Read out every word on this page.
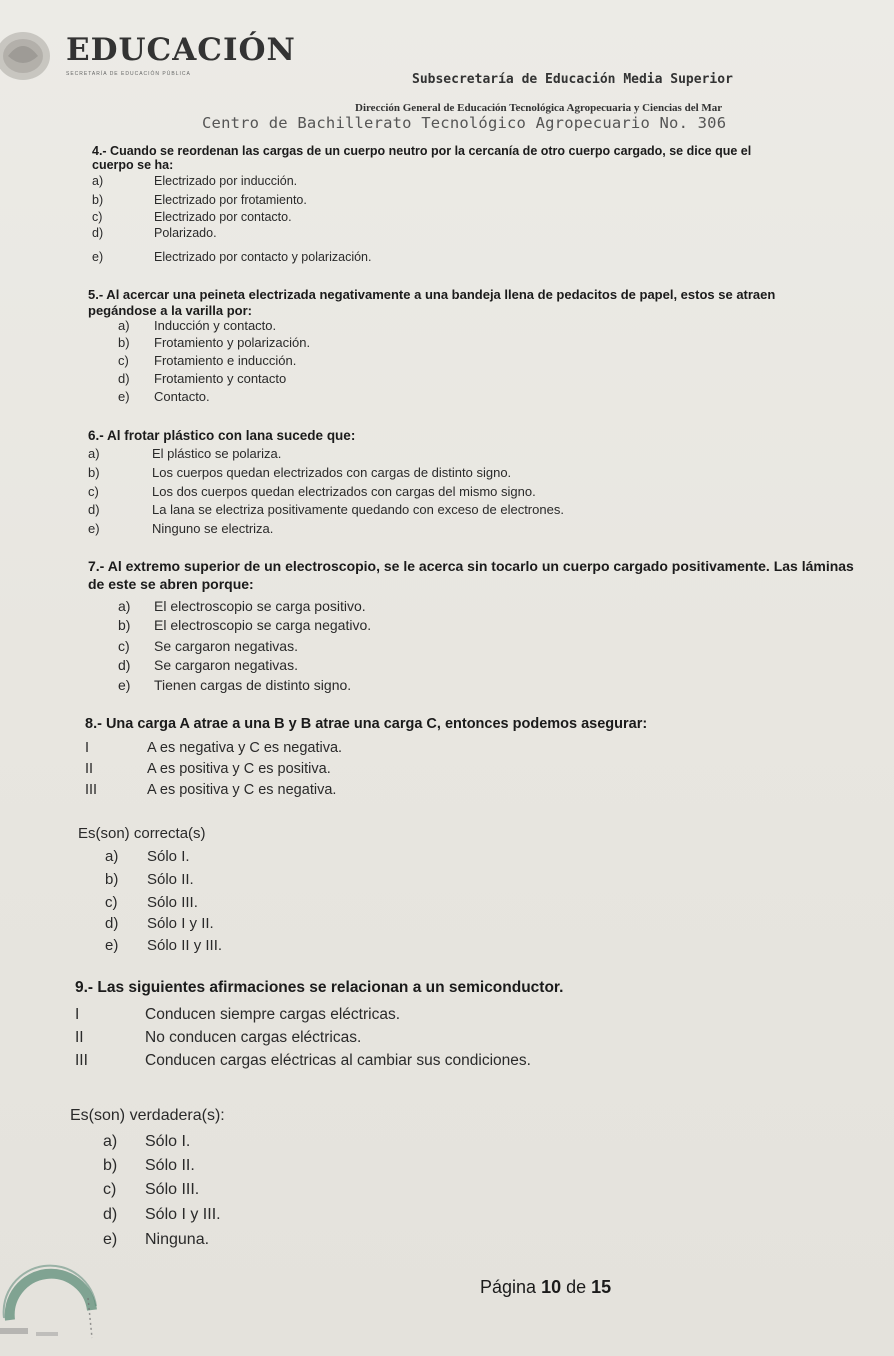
EDUCACIÓN
SECRETARÍA DE EDUCACIÓN PÚBLICA	Subsecretaría de Educación Media Superior
Dirección General de Educación Tecnológica Agropecuaria y Ciencias del Mar
Centro de Bachillerato Tecnológico Agropecuario No. 306
4.- Cuando se reordenan las cargas de un cuerpo neutro por la cercanía de otro cuerpo cargado, se dice que el
cuerpo se ha:
a)	Electrizado por inducción.
b)	Electrizado por frotamiento.
c)	Electrizado por contacto.
d)	Polarizado.
e)	Electrizado por contacto y polarización.
5.- Al acercar una peineta electrizada negativamente a una bandeja llena de pedacitos de papel, estos se atraen
pegándose a la varilla por:
a) Inducción y contacto.
b) Frotamiento y polarización.
c) Frotamiento e inducción.
d) Frotamiento y contacto
e) Contacto.
6.- Al frotar plástico con lana sucede que:
a)	El plástico se polariza.
b)	Los cuerpos quedan electrizados con cargas de distinto signo.
c)	Los dos cuerpos quedan electrizados con cargas del mismo signo.
d)	La lana se electriza positivamente quedando con exceso de electrones.
e)	Ninguno se electriza.
7.- Al extremo superior de un electroscopio, se le acerca sin tocarlo un cuerpo cargado positivamente. Las láminas
de este se abren porque:
a) El electroscopio se carga positivo.
b) El electroscopio se carga negativo.
c) Se cargaron negativas.
d) Se cargaron negativas.
e) Tienen cargas de distinto signo.
8.- Una carga A atrae a una B y B atrae una carga C, entonces podemos asegurar:
I	A es negativa y C es negativa.
II	A es positiva y C es positiva.
III	A es positiva y C es negativa.
Es(son) correcta(s)
a) Sólo I.
b) Sólo II.
c) Sólo III.
d) Sólo I y II.
e) Sólo II y III.
9.- Las siguientes afirmaciones se relacionan a un semiconductor.
I	Conducen siempre cargas eléctricas.
II	No conducen cargas eléctricas.
III	Conducen cargas eléctricas al cambiar sus condiciones.
Es(son) verdadera(s):
a) Sólo I.
b) Sólo II.
c) Sólo III.
d) Sólo I y III.
e) Ninguna.
Página 10 de 15
